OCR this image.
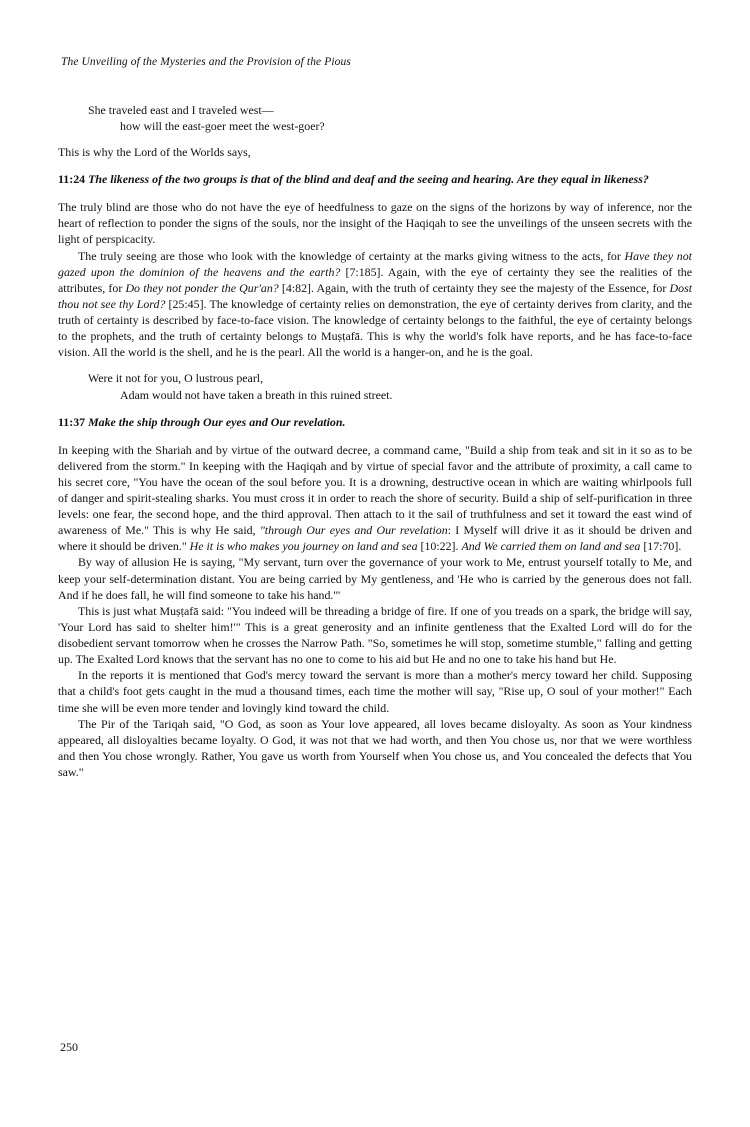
The Unveiling of the Mysteries and the Provision of the Pious

She traveled east and I traveled west—

how will the east-goer meet the west-goer?

This is why the Lord of the Worlds says,

11:24 The likeness of the two groups is that of the blind and deaf and the seeing and hearing. Are they equal in likeness?

The truly blind are those who do not have the eye of heedfulness to gaze on the signs of the horizons by way of inference, nor the heart of reflection to ponder the signs of the souls, nor the insight of the Haqiqah to see the unveilings of the unseen secrets with the light of perspicacity.

The truly seeing are those who look with the knowledge of certainty at the marks giving witness to the acts, for Have they not gazed upon the dominion of the heavens and the earth? [7:185]. Again, with the eye of certainty they see the realities of the attributes, for Do they not ponder the Qur'an? [4:82]. Again, with the truth of certainty they see the majesty of the Essence, for Dost thou not see thy Lord? [25:45]. The knowledge of certainty relies on demonstration, the eye of certainty derives from clarity, and the truth of certainty is described by face-to-face vision. The knowledge of certainty belongs to the faithful, the eye of certainty belongs to the prophets, and the truth of certainty belongs to Muṣṭafā. This is why the world's folk have reports, and he has face-to-face vision. All the world is the shell, and he is the pearl. All the world is a hanger-on, and he is the goal.

Were it not for you, O lustrous pearl,

Adam would not have taken a breath in this ruined street.

11:37 Make the ship through Our eyes and Our revelation.

In keeping with the Shariah and by virtue of the outward decree, a command came, "Build a ship from teak and sit in it so as to be delivered from the storm." In keeping with the Haqiqah and by virtue of special favor and the attribute of proximity, a call came to his secret core, "You have the ocean of the soul before you. It is a drowning, destructive ocean in which are waiting whirlpools full of danger and spirit-stealing sharks. You must cross it in order to reach the shore of security. Build a ship of self-purification in three levels: one fear, the second hope, and the third approval. Then attach to it the sail of truthfulness and set it toward the east wind of awareness of Me." This is why He said, "through Our eyes and Our revelation: I Myself will drive it as it should be driven and where it should be driven." He it is who makes you journey on land and sea [10:22]. And We carried them on land and sea [17:70].

By way of allusion He is saying, "My servant, turn over the governance of your work to Me, entrust yourself totally to Me, and keep your self-determination distant. You are being carried by My gentleness, and 'He who is carried by the generous does not fall. And if he does fall, he will find someone to take his hand.'"

This is just what Muṣṭafā said: "You indeed will be threading a bridge of fire. If one of you treads on a spark, the bridge will say, 'Your Lord has said to shelter him!'" This is a great generosity and an infinite gentleness that the Exalted Lord will do for the disobedient servant tomorrow when he crosses the Narrow Path. "So, sometimes he will stop, sometime stumble," falling and getting up. The Exalted Lord knows that the servant has no one to come to his aid but He and no one to take his hand but He.

In the reports it is mentioned that God's mercy toward the servant is more than a mother's mercy toward her child. Supposing that a child's foot gets caught in the mud a thousand times, each time the mother will say, "Rise up, O soul of your mother!" Each time she will be even more tender and lovingly kind toward the child.

The Pir of the Tariqah said, "O God, as soon as Your love appeared, all loves became disloyalty. As soon as Your kindness appeared, all disloyalties became loyalty. O God, it was not that we had worth, and then You chose us, nor that we were worthless and then You chose wrongly. Rather, You gave us worth from Yourself when You chose us, and You concealed the defects that You saw."

250
